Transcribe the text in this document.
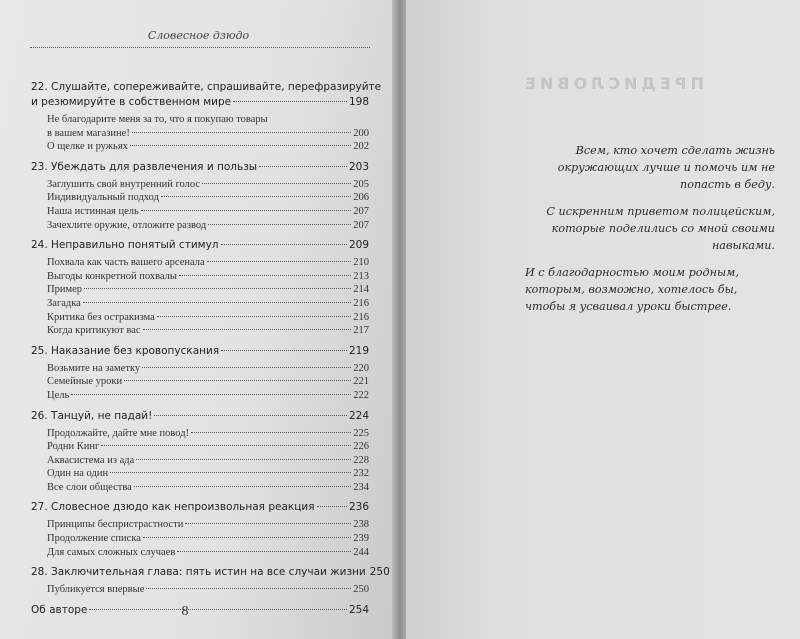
Словесное дзюдо
22. Слушайте, сопереживайте, спрашивайте, перефразируйте
и резюмируйте в собственном мире	198
Не благодарите меня за то, что я покупаю товары
в вашем магазине!	200
О щелке и ружьях	202
23. Убеждать для развлечения и пользы	203
Заглушить свой внутренний голос	205
Индивидуальный подход	206
Наша истинная цель	207
Зачехлите оружие, отложите развод	207
24. Неправильно понятый стимул	209
Похвала как часть вашего арсенала	210
Выгоды конкретной похвалы	213
Пример	214
Загадка	216
Критика без остракизма	216
Когда критикуют вас	217
25. Наказание без кровопускания	219
Возьмите на заметку	220
Семейные уроки	221
Цель	222
26. Танцуй, не падай!	224
Продолжайте, дайте мне повод!	225
Родни Кинг	226
Аквасистема из ада	228
Один на один	232
Все слои общества	234
27. Словесное дзюдо как непроизвольная реакция	236
Принципы беспристрастности	238
Продолжение списка	239
Для самых сложных случаев	244
28. Заключительная глава: пять истин на все случаи жизни 250
Публикуется впервые	250
Об авторе	254
8
ПРЕДИСЛОВИЕ

Всем, кто хочет сделать жизнь окружающих лучше и помочь им не попасть в беду.

С искренним приветом полицейским, которые поделились со мной своими навыками.

И с благодарностью моим родным, которым, возможно, хотелось бы, чтобы я усваивал уроки быстрее.
